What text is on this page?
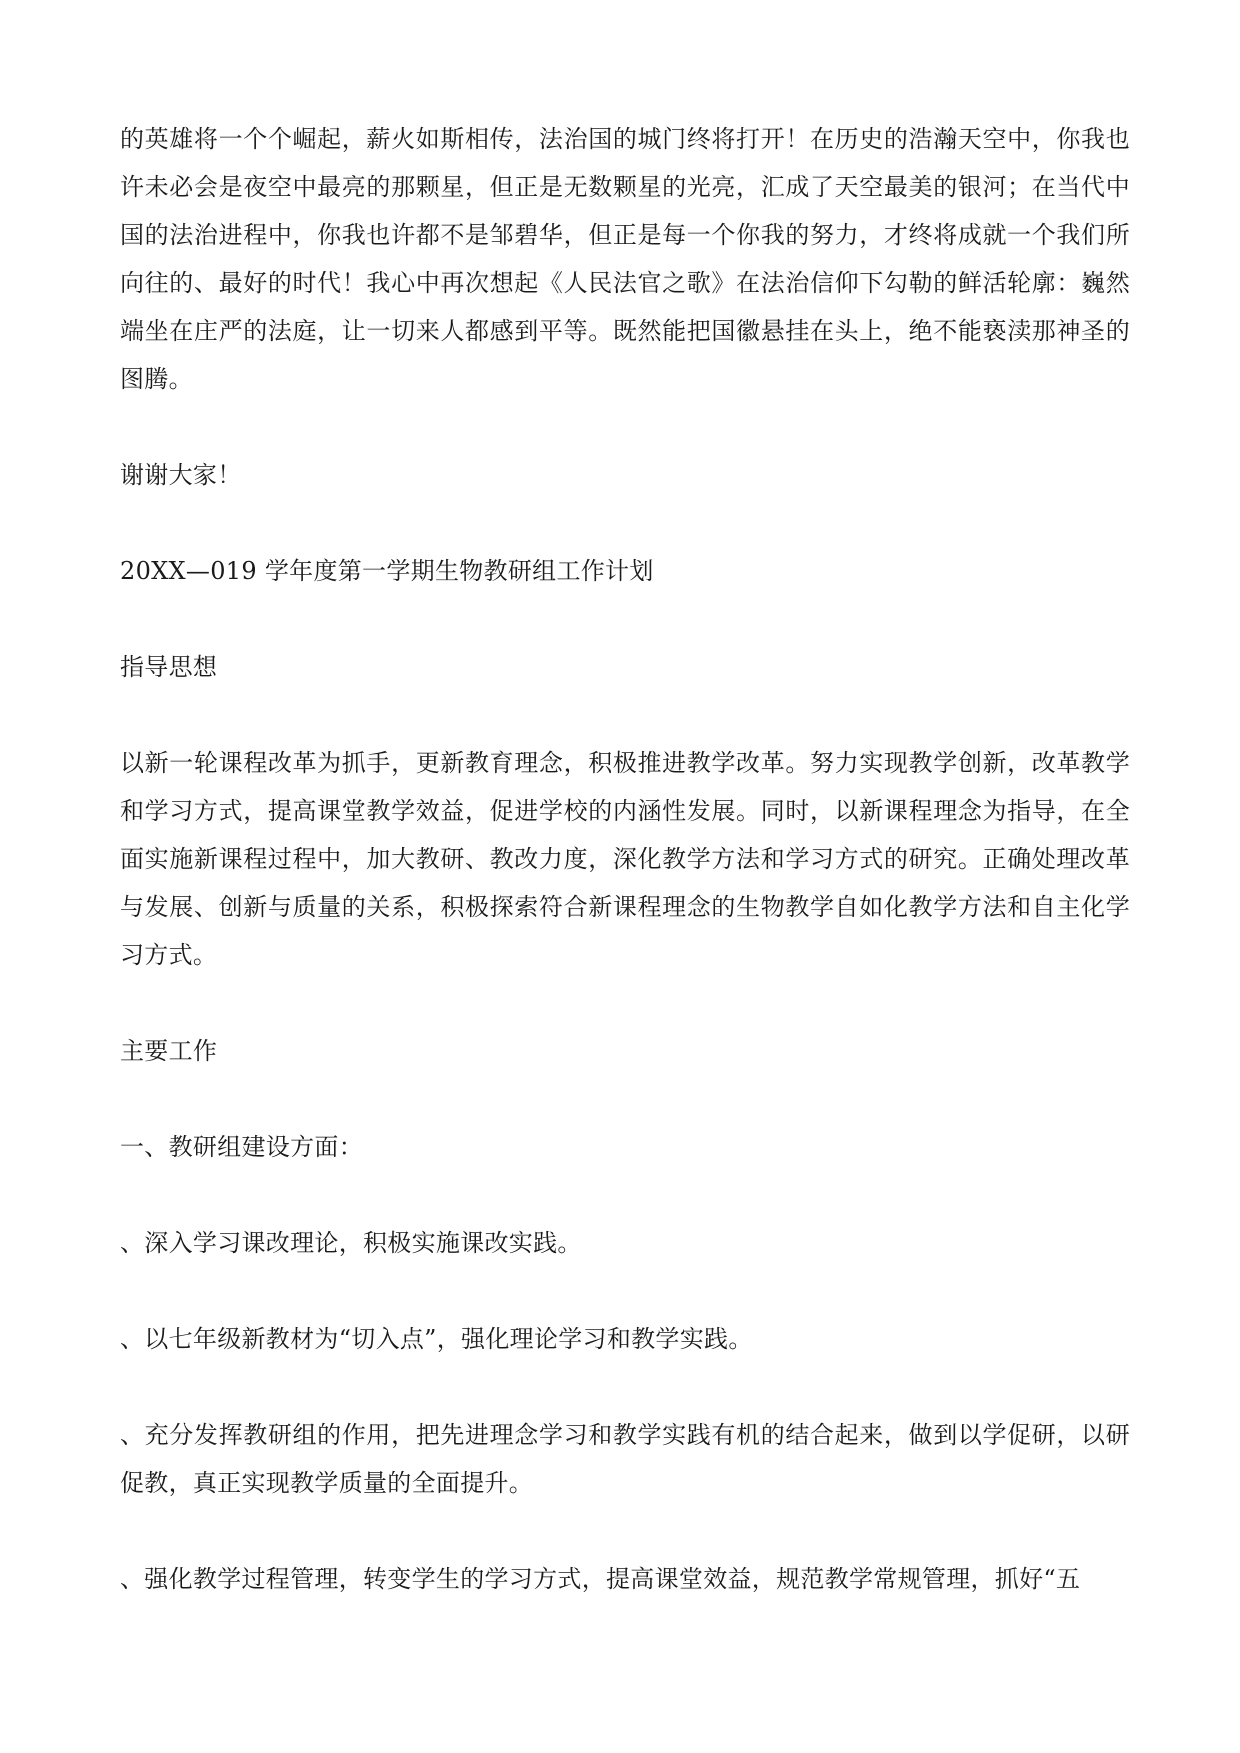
的英雄将一个个崛起，薪火如斯相传，法治国的城门终将打开！在历史的浩瀚天空中，你我也许未必会是夜空中最亮的那颗星，但正是无数颗星的光亮，汇成了天空最美的银河；在当代中国的法治进程中，你我也许都不是邹碧华，但正是每一个你我的努力，才终将成就一个我们所向往的、最好的时代！我心中再次想起《人民法官之歌》在法治信仰下勾勒的鲜活轮廓：巍然端坐在庄严的法庭，让一切来人都感到平等。既然能把国徽悬挂在头上，绝不能亵渎那神圣的图腾。

谢谢大家！

20XX—019 学年度第一学期生物教研组工作计划

指导思想

以新一轮课程改革为抓手，更新教育理念，积极推进教学改革。努力实现教学创新，改革教学和学习方式，提高课堂教学效益，促进学校的内涵性发展。同时，以新课程理念为指导，在全面实施新课程过程中，加大教研、教改力度，深化教学方法和学习方式的研究。正确处理改革与发展、创新与质量的关系，积极探索符合新课程理念的生物教学自如化教学方法和自主化学习方式。

主要工作

一、教研组建设方面：

、深入学习课改理论，积极实施课改实践。

、以七年级新教材为“切入点”，强化理论学习和教学实践。

、充分发挥教研组的作用，把先进理念学习和教学实践有机的结合起来，做到以学促研，以研促教，真正实现教学质量的全面提升。

、强化教学过程管理，转变学生的学习方式，提高课堂效益，规范教学常规管理，抓好“五
